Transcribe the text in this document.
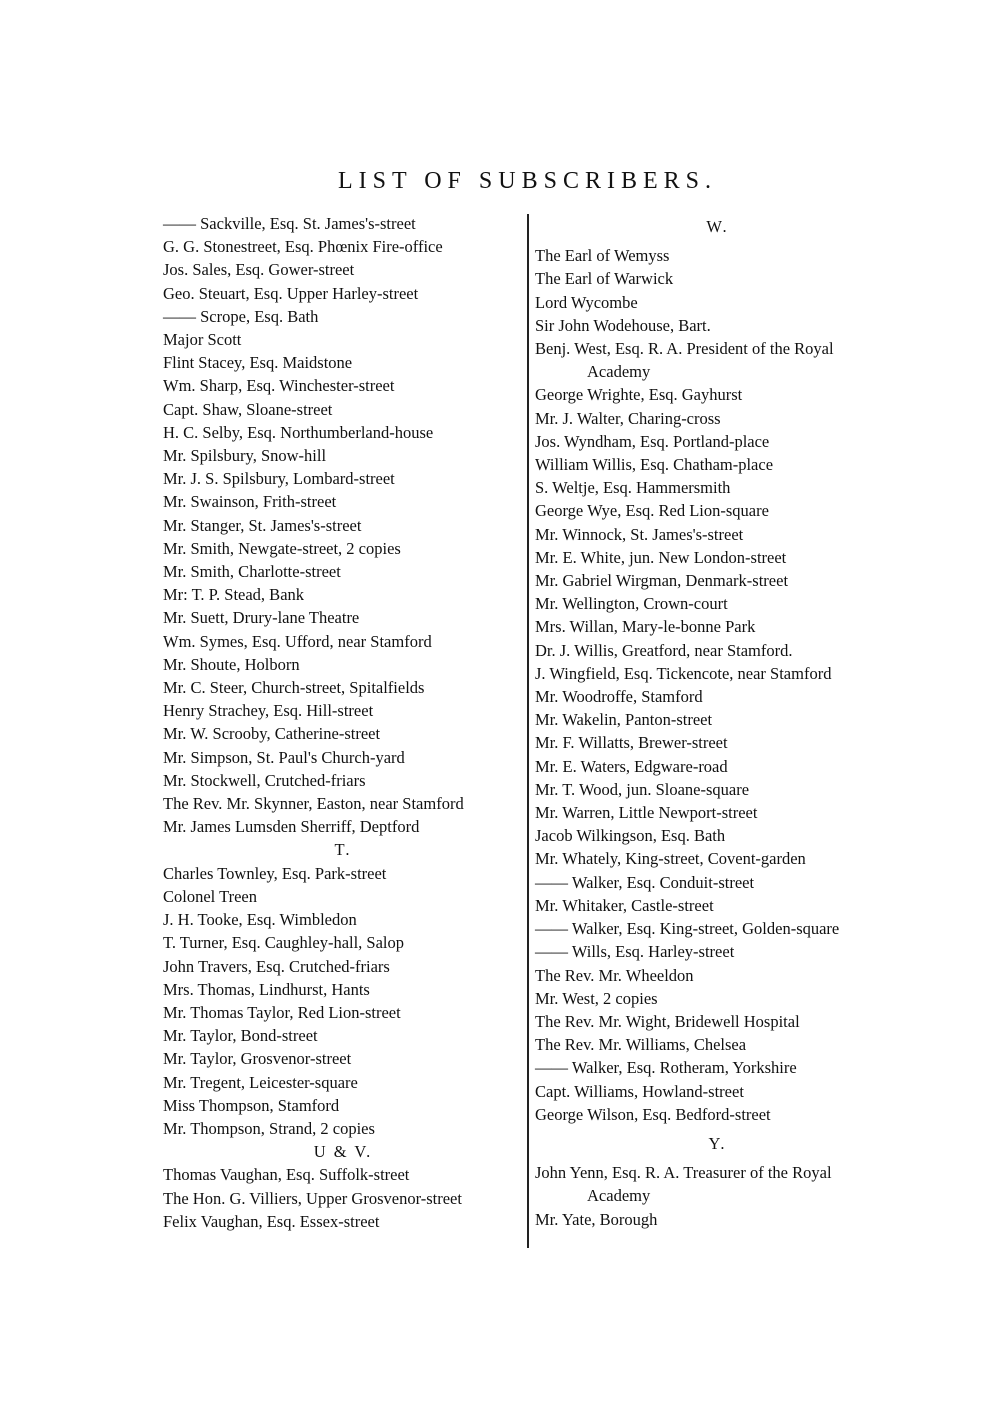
LIST OF SUBSCRIBERS.
—— Sackville, Esq. St. James's-street
G. G. Stonestreet, Esq. Phœnix Fire-office
Jos. Sales, Esq. Gower-street
Geo. Steuart, Esq. Upper Harley-street
—— Scrope, Esq. Bath
Major Scott
Flint Stacey, Esq. Maidstone
Wm. Sharp, Esq. Winchester-street
Capt. Shaw, Sloane-street
H. C. Selby, Esq. Northumberland-house
Mr. Spilsbury, Snow-hill
Mr. J. S. Spilsbury, Lombard-street
Mr. Swainson, Frith-street
Mr. Stanger, St. James's-street
Mr. Smith, Newgate-street, 2 copies
Mr. Smith, Charlotte-street
Mr: T. P. Stead, Bank
Mr. Suett, Drury-lane Theatre
Wm. Symes, Esq. Ufford, near Stamford
Mr. Shoute, Holborn
Mr. C. Steer, Church-street, Spitalfields
Henry Strachey, Esq. Hill-street
Mr. W. Scrooby, Catherine-street
Mr. Simpson, St. Paul's Church-yard
Mr. Stockwell, Crutched-friars
The Rev. Mr. Skynner, Easton, near Stamford
Mr. James Lumsden Sherriff, Deptford
T.
Charles Townley, Esq. Park-street
Colonel Treen
J. H. Tooke, Esq. Wimbledon
T. Turner, Esq. Caughley-hall, Salop
John Travers, Esq. Crutched-friars
Mrs. Thomas, Lindhurst, Hants
Mr. Thomas Taylor, Red Lion-street
Mr. Taylor, Bond-street
Mr. Taylor, Grosvenor-street
Mr. Tregent, Leicester-square
Miss Thompson, Stamford
Mr. Thompson, Strand, 2 copies
U & V.
Thomas Vaughan, Esq. Suffolk-street
The Hon. G. Villiers, Upper Grosvenor-street
Felix Vaughan, Esq. Essex-street
W.
The Earl of Wemyss
The Earl of Warwick
Lord Wycombe
Sir John Wodehouse, Bart.
Benj. West, Esq. R. A. President of the Royal
Academy
George Wrighte, Esq. Gayhurst
Mr. J. Walter, Charing-cross
Jos. Wyndham, Esq. Portland-place
William Willis, Esq. Chatham-place
S. Weltje, Esq. Hammersmith
George Wye, Esq. Red Lion-square
Mr. Winnock, St. James's-street
Mr. E. White, jun. New London-street
Mr. Gabriel Wirgman, Denmark-street
Mr. Wellington, Crown-court
Mrs. Willan, Mary-le-bonne Park
Dr. J. Willis, Greatford, near Stamford.
J. Wingfield, Esq. Tickencote, near Stamford
Mr. Woodroffe, Stamford
Mr. Wakelin, Panton-street
Mr. F. Willatts, Brewer-street
Mr. E. Waters, Edgware-road
Mr. T. Wood, jun. Sloane-square
Mr. Warren, Little Newport-street
Jacob Wilkingson, Esq. Bath
Mr. Whately, King-street, Covent-garden
—— Walker, Esq. Conduit-street
Mr. Whitaker, Castle-street
—— Walker, Esq. King-street, Golden-square
—— Wills, Esq. Harley-street
The Rev. Mr. Wheeldon
Mr. West, 2 copies
The Rev. Mr. Wight, Bridewell Hospital
The Rev. Mr. Williams, Chelsea
—— Walker, Esq. Rotheram, Yorkshire
Capt. Williams, Howland-street
George Wilson, Esq. Bedford-street
Y.
John Yenn, Esq. R. A. Treasurer of the Royal
Academy
Mr. Yate, Borough
